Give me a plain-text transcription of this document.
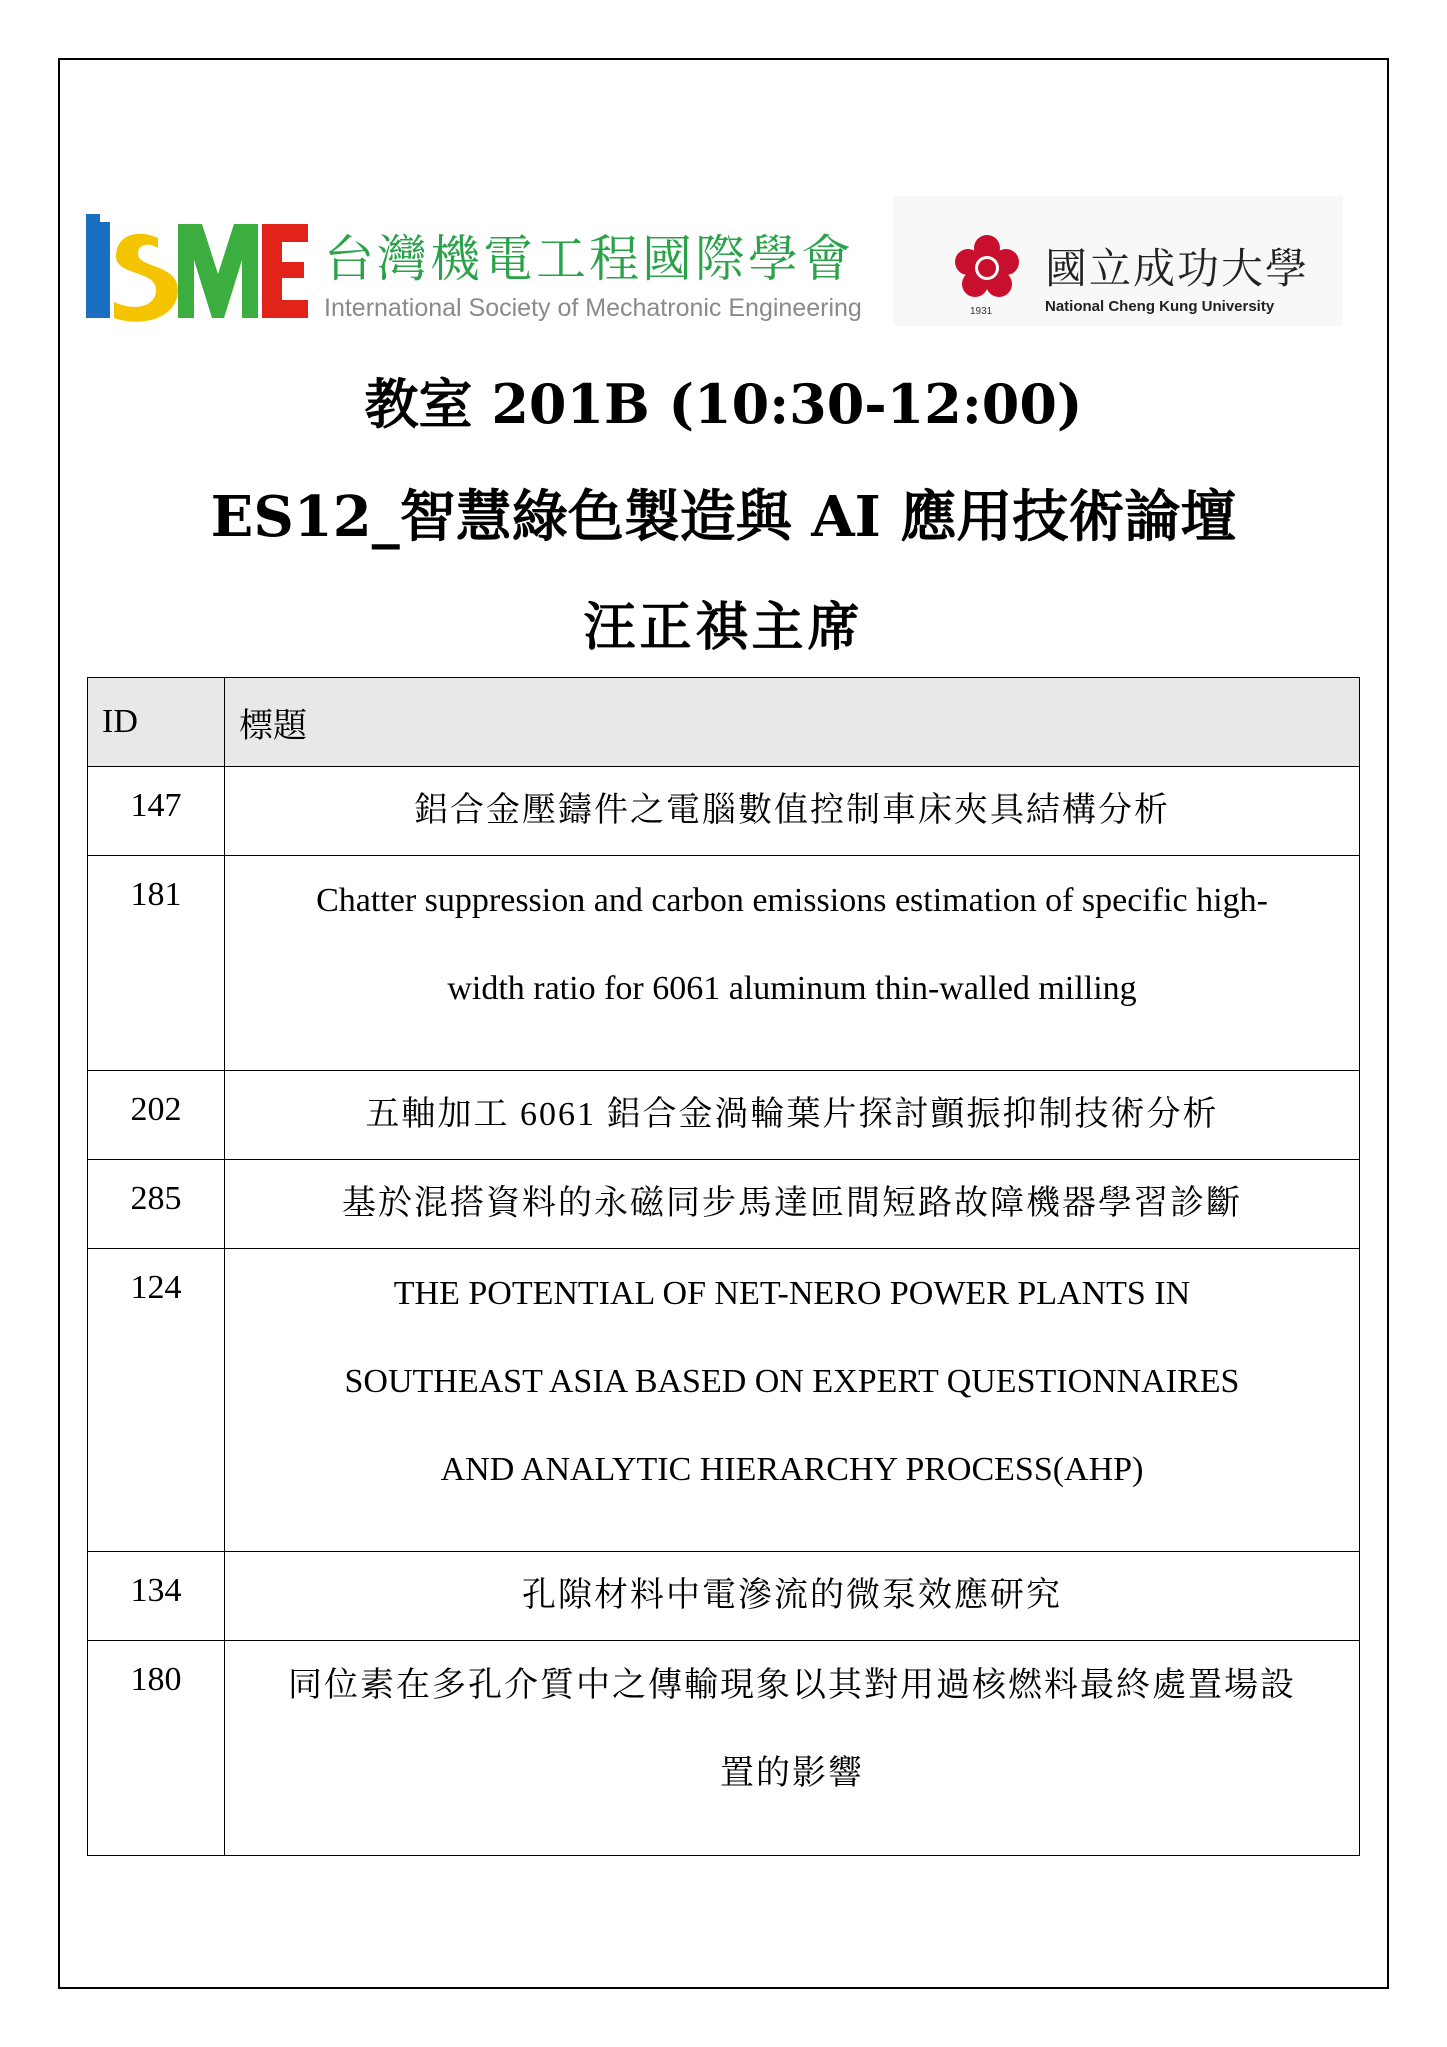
台灣機電工程國際學會
International Society of Mechatronic Engineering	1931
國立成功大學
National Cheng Kung University
教室 201B (10:30-12:00)
ES12_智慧綠色製造與 AI 應用技術論壇
汪正祺主席
ID	標題
147	鋁合金壓鑄件之電腦數值控制車床夾具結構分析
181	Chatter suppression and carbon emissions estimation of specific high-
width ratio for 6061 aluminum thin-walled milling

202	五軸加工 6061 鋁合金渦輪葉片探討顫振抑制技術分析
285	基於混搭資料的永磁同步馬達匝間短路故障機器學習診斷
124	THE POTENTIAL OF NET-NERO POWER PLANTS IN
SOUTHEAST ASIA BASED ON EXPERT QUESTIONNAIRES
AND ANALYTIC HIERARCHY PROCESS(AHP)

134	孔隙材料中電滲流的微泵效應研究
180	同位素在多孔介質中之傳輸現象以其對用過核燃料最終處置場設
置的影響
